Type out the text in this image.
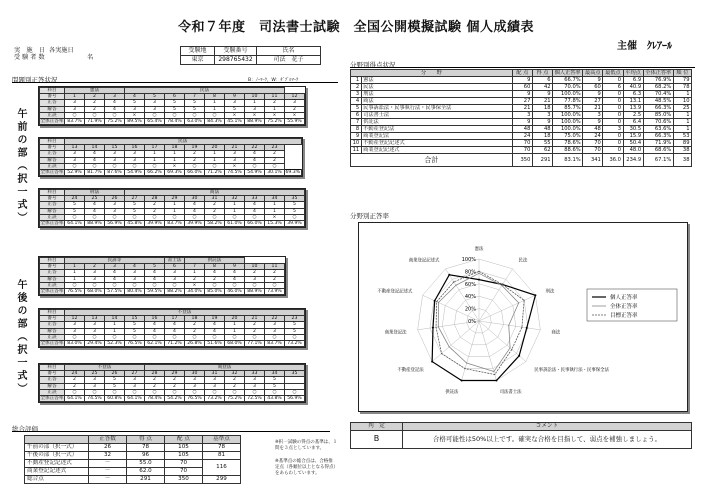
令和７年度　司法書士試験　全国公開模擬試験 個人成績表
主催　ｸﾚｱｰﾙ
実　施　日	各実施日
受 験 者 数	名
受験地	受験番号	氏名
東京	298765432	司法　花子
問題別正答状況	B：ﾉｰﾏｰｸ，W：ﾀﾞﾌﾞﾙﾏｰｸ
午前の部（択一式）
午後の部（択一式）
科目	憲法			民法								
番号	1	2	3	4	5	6	7	8	9	10	11	12
正答	3	2	4	5	3	5	5	1	3	1	2	3
解答	3	2	4	3	3	5	5	1	5	3	1	2
正誤	○	○	○	×	○	○	○	○	×	×	×	×
全体正答率	83.7%	71.9%	75.2%	89.5%	65.4%	78.4%	63.0%	84.3%	45.1%	88.9%	75.2%	55.9%
科目	民法											
番号	13	14	15	16	17	18	19	20	21	22	23	
正答	3	4	3	3	1	1	2	1	3	4	2	
解答	3	4	3	3	1	1	2	1	3	4	2	
正誤	○	○	○	○	○	×	○	○	×	○	○	
全体正答率	52.9%	81.7%	87.6%	54.9%	66.2%	69.3%	66.0%	71.2%	74.5%	54.9%	30.1%	69.3%
科目	刑法			商法								
番号	24	25	26	27	28	29	30	31	32	33	34	35
正答	5	4	3	5	2	1	4	2	1	4	1	5
解答	5	4	3	5	2	1	4	2	1	4	1	5
正誤	○	○	○	○	○	○	○	○	○	○	×	○
全体正答率	64.1%	88.9%	56.9%	45.8%	39.9%	83.7%	39.9%	58.2%	61.0%	66.0%	15.3%	39.9%
科目	民訴等					書士法	供託法				
番号	1	2	3	4	5	6	7	8	9	10	11
正答	1	3	4	3	4	3	1	4	4	2	2
解答	1	3	4	3	4	3	2	2	4	3	2
正誤	○	○	○	○	○	○	×	○	○	○	○
全体正答率	76.5%	68.0%	57.5%	80.4%	59.5%	88.2%	34.0%	85.0%	46.0%	88.9%	73.9%
科目	不登法											
番号	12	13	14	15	16	17	18	19	20	21	22	23
正答	3	3	1	5	4	4	2	4	1	2	3	5
解答	3	3	1	5	4	4	2	4	1	2	3	5
正誤	○	○	○	○	○	○	○	○	○	○	○	○
全体正答率	83.0%	29.4%	52.3%	76.5%	62.1%	71.2%	26.8%	51.6%	68.0%	77.1%	83.7%	73.2%
科目	不登法				商登法							
番号	24	25	26	27	28	29	30	31	32	33	34	35
正答	2	3	5	3	2	2	3	3	2	3	5	
解答	2	3	5	3	2	2	3	3	2	3	5	
正誤	○	○	○	○	○	○	○	○	○	○	○	○
全体正答率	64.1%	74.5%	60.8%	64.1%	78.4%	54.2%	76.5%	73.2%	75.2%	72.5%	43.8%	56.9%
分野別得点状況
分　　野		配 点	得 点	個人正答率	最高点	最低点	平均点	全体正答率	順 位
1	憲法	9	6	66.7%	9	0	6.9	76.9%	79
2	民法	60	42	70.0%	60	6	40.9	68.2%	78
3	刑法	9	9	100.0%	9	0	6.3	70.4%	1
4	商法	27	21	77.8%	27	0	13.1	48.5%	10
5	民事訴訟法・民事執行法・民事保全法	21	18	85.7%	21	0	13.9	66.3%	25
6	司法書士法	3	3	100.0%	3	0	2.5	85.0%	1
7	供託法	9	9	100.0%	9	0	6.4	70.6%	1
8	不動産登記法	48	48	100.0%	48	3	30.5	63.6%	1
9	商業登記法	24	18	75.0%	24	0	15.9	66.3%	53
10	不動産登記記述式	70	55	78.6%	70	0	50.4	71.9%	89
11	商業登記記述式	70	62	88.6%	70	0	48.0	68.6%	38
合計		350	291	83.1%	341	36.0	234.9	67.1%	38
分野別正答率
100%
80%
60%
40%
20%
0%
憲法
民法
刑法
商法
民事訴訟法・民事執行法・民事保全法
司法書士法
供託法
不動産登記法
商業登記法
不動産登記記述式
商業登記記述式
個人正答率
全体正答率
目標正答率
総合評価
	正答数	得 点	配 点	基準点
午前の部（択一式）	26	78	105	78
午後の部（択一式）	32	96	105	81
不動産登記記述式	－	55.0	70	116
商業登記記述式	－	62.0	70	
総合点	－	291	350	299
※択一試験の得点の基準は、１
問を３点としています。
※基準点の総合点は、合格推
定点（各順位以上となる得点）
をあらわしています。
判　定	コメント
B	合格可能性は50%以上です。確実な合格を目指して、弱点を補強しましょう。
